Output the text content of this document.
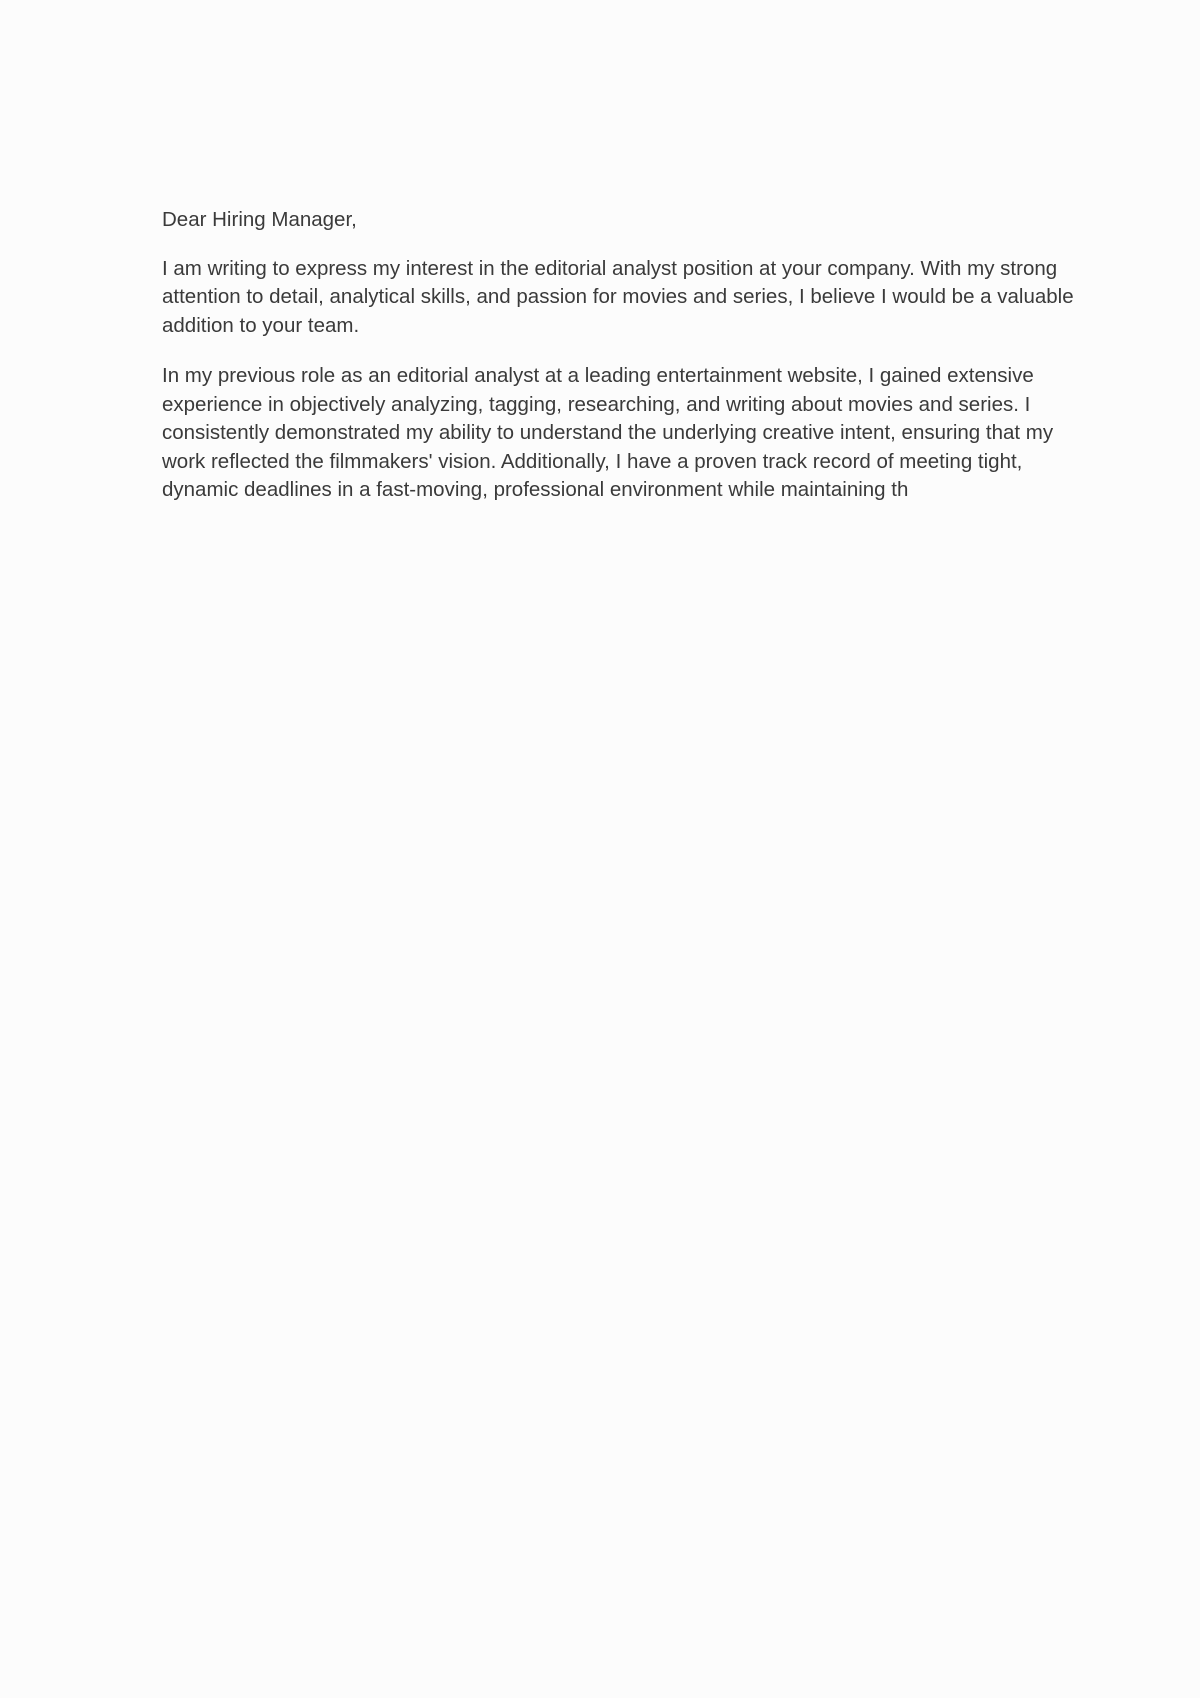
Dear Hiring Manager,

I am writing to express my interest in the editorial analyst position at your company. With my strong attention to detail, analytical skills, and passion for movies and series, I believe I would be a valuable addition to your team.

In my previous role as an editorial analyst at a leading entertainment website, I gained extensive experience in objectively analyzing, tagging, researching, and writing about movies and series. I consistently demonstrated my ability to understand the underlying creative intent, ensuring that my work reflected the filmmakers' vision. Additionally, I have a proven track record of meeting tight, dynamic deadlines in a fast-moving, professional environment while maintaining th
